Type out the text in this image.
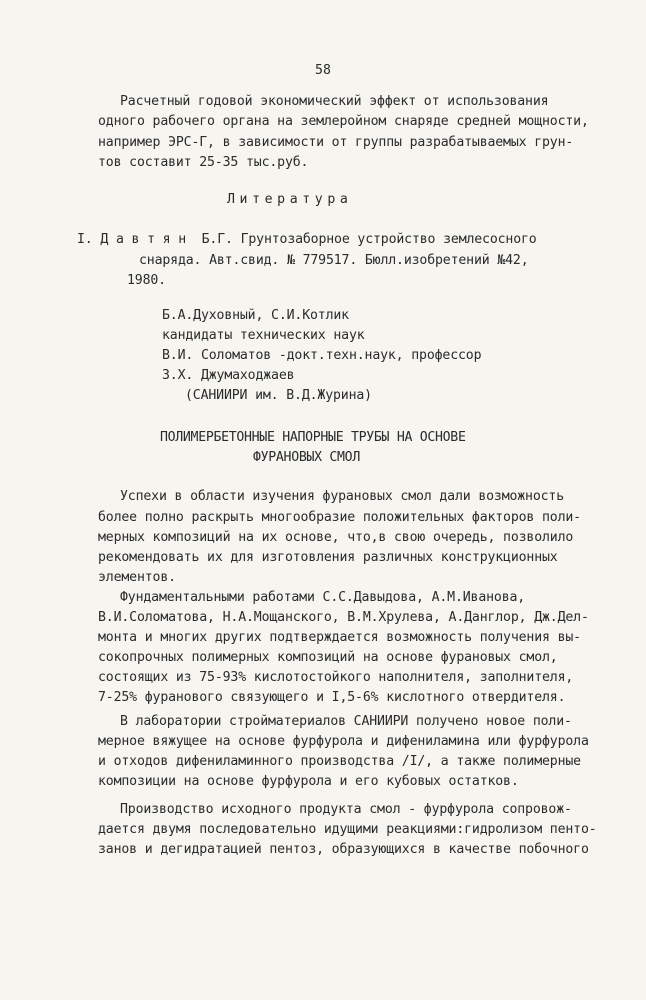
58
Расчетный годовой экономический эффект от использования
одного рабочего органа на землеройном снаряде средней мощности,
например ЭРС-Г, в зависимости от группы разрабатываемых грун-
тов составит 25-35 тыс.руб.
Литература
I. Д а в т я н  Б.Г. Грунтозаборное устройство землесосного
снаряда. Авт.свид. № 779517. Бюлл.изобретений №42,
1980.
Б.А.Духовный, С.И.Котлик
кандидаты технических наук
В.И. Соломатов -докт.техн.наук, профессор
З.Х. Джумаходжаев
(САНИИРИ им. В.Д.Журина)
ПОЛИМЕРБЕТОННЫЕ НАПОРНЫЕ ТРУБЫ НА ОСНОВЕ
ФУРАНОВЫХ СМОЛ
Успехи в области изучения фурановых смол дали возможность
более полно раскрыть многообразие положительных факторов поли-
мерных композиций на их основе, что,в свою очередь, позволило
рекомендовать их для изготовления различных конструкционных
элементов.
Фундаментальными работами С.С.Давыдова, А.М.Иванова,
В.И.Соломатова, Н.А.Мощанского, В.М.Хрулева, А.Данглор, Дж.Дел-
монта и многих других подтверждается возможность получения вы-
сокопрочных полимерных композиций на основе фурановых смол,
состоящих из 75-93% кислотостойкого наполнителя, заполнителя,
7-25% фуранового связующего и I,5-6% кислотного отвердителя.
В лаборатории стройматериалов САНИИРИ получено новое поли-
мерное вяжущее на основе фурфурола и дифениламина или фурфурола
и отходов дифениламинного производства /I/, а также полимерные
композиции на основе фурфурола и его кубовых остатков.
Производство исходного продукта смол - фурфурола сопровож-
дается двумя последовательно идущими реакциями:гидролизом пенто-
занов и дегидратацией пентоз, образующихся в качестве побочного
